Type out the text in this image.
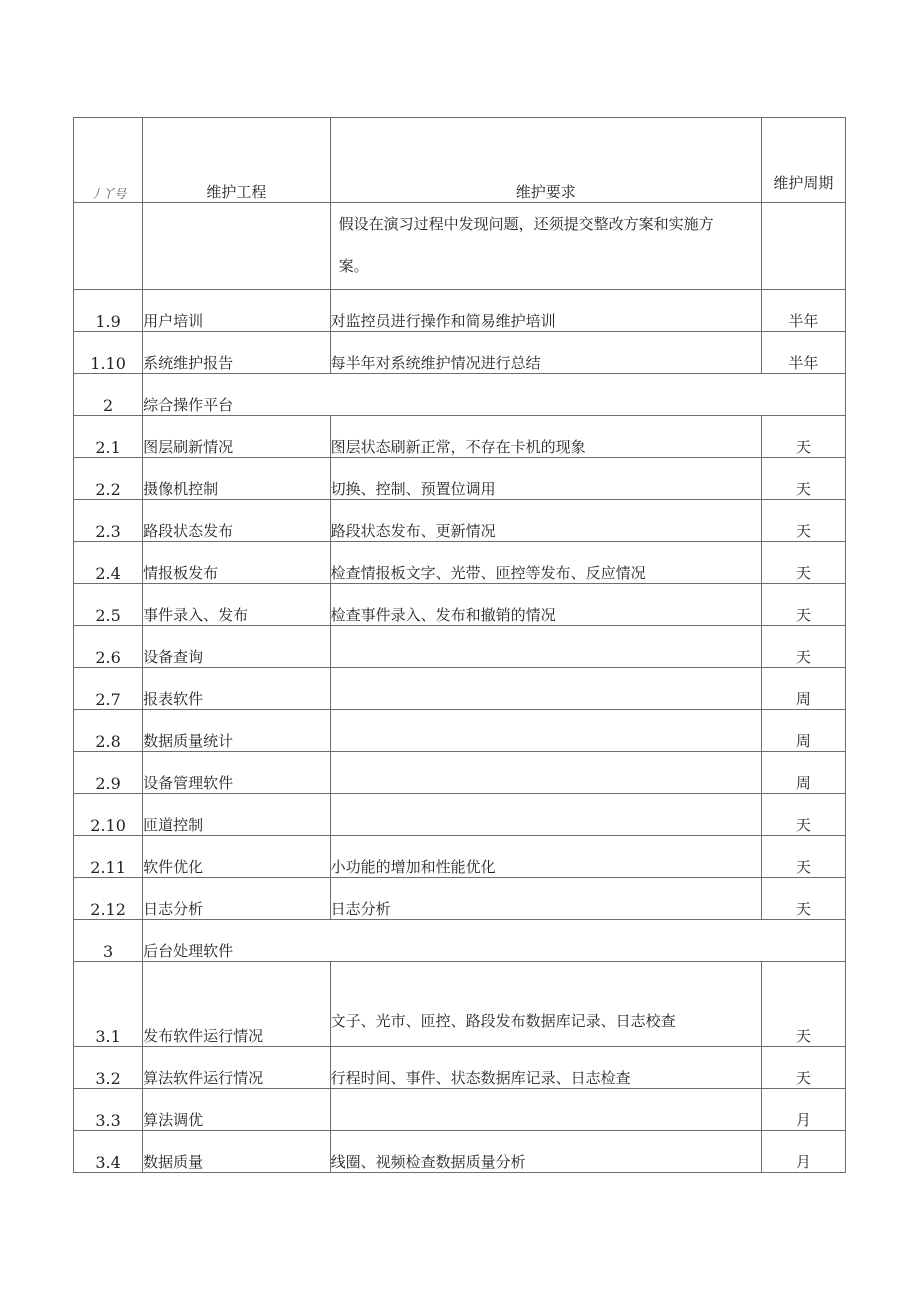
丿丫号	维护工程	维护要求	维护周期
		假设在演习过程中发现问题，还须提交整改方案和实施方案。	
1.9	用户培训	对监控员进行操作和简易维护培训	半年
1.10	系统维护报告	每半年对系统维护情况进行总结	半年
2	综合操作平台		
2.1	图层刷新情况	图层状态刷新正常，不存在卡机的现象	天
2.2	摄像机控制	切换、控制、预置位调用	天
2.3	路段状态发布	路段状态发布、更新情况	天
2.4	情报板发布	检查情报板文字、光带、匝控等发布、反应情况	天
2.5	事件录入、发布	检查事件录入、发布和撤销的情况	天
2.6	设备查询		天
2.7	报表软件		周
2.8	数据质量统计		周
2.9	设备管理软件		周
2.10	匝道控制		天
2.11	软件优化	小功能的增加和性能优化	天
2.12	日志分析	日志分析	天
3	后台处理软件		
3.1	发布软件运行情况	文子、光市、匝控、路段发布数据库记录、日志校查	天
3.2	算法软件运行情况	行程时间、事件、状态数据库记录、日志检查	天
3.3	算法调优		月
3.4	数据质量	线圈、视频检查数据质量分析	月
